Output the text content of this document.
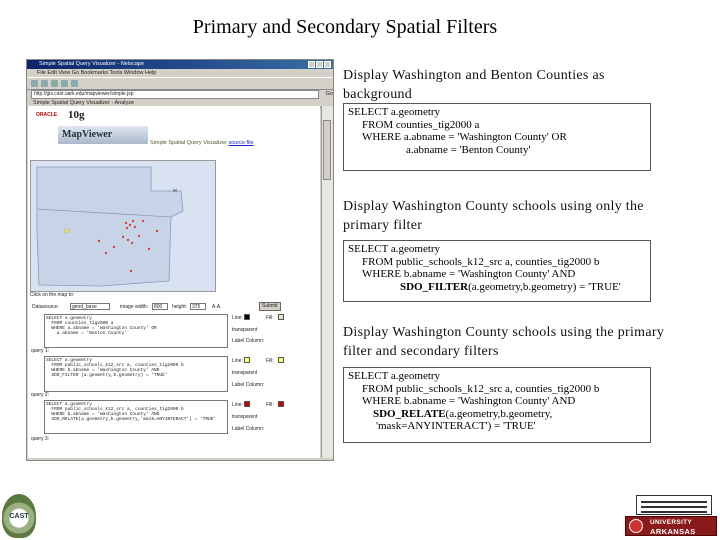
Primary and Secondary Spatial Filters
Display Washington and Benton Counties as background
SELECT a.geometry
FROM counties_tig2000 a
WHERE a.abname = 'Washington County' OR
a.abname = 'Benton County'
Display Washington County schools using only the primary filter
SELECT a.geometry
FROM public_schools_k12_src a, counties_tig2000 b
WHERE b.abname = 'Washington County' AND
SDO_FILTER(a.geometry,b.geometry) = 'TRUE'
Display Washington County schools using the primary filter and secondary filters
SELECT a.geometry
FROM public_schools_k12_src a, counties_tig2000 b
WHERE b.abname = 'Washington County' AND
SDO_RELATE(a.geometry,b.geometry,
'mask=ANYINTERACT') = 'TRUE'
Simple Spatial Query Visualizer - Netscape
File Edit View Go Bookmarks Tools Window Help
http://gis.cast.uark.edu/mapviewer/simple.jsp	Go
Simple Spatial Query Visualizer - Analyze
ORACLE 10g
MapViewer
Simple Spatial Query Visualizer source file
Click on the map to:
Datasource:	geod_base	image width:	800	height: 375	A.A.
SELECT a.geometry
FROM counties_tig2000 a
WHERE a.abname = 'Washington County' OR
a.abname = 'Benton County'
query 1:
Line:	Fill:
transparent
Label Column:
SELECT a.geometry
FROM public_schools_k12_src a, counties_tig2000 b
WHERE b.abname = 'Washington County' AND
SDO_FILTER (a.geometry,b.geometry) = 'TRUE'
query 2:
Line:	Fill:
transparent
Label Column:
SELECT a.geometry
FROM public_schools_k12_src a, counties_tig2000 b
WHERE b.abname = 'Washington County' AND
SDO_RELATE(a.geometry,b.geometry,'mask=ANYINTERACT') = 'TRUE'
query 3:
Line:	Fill:
transparent
Label Column:
Submit
CAST
UNIVERSITY
ARKANSAS
